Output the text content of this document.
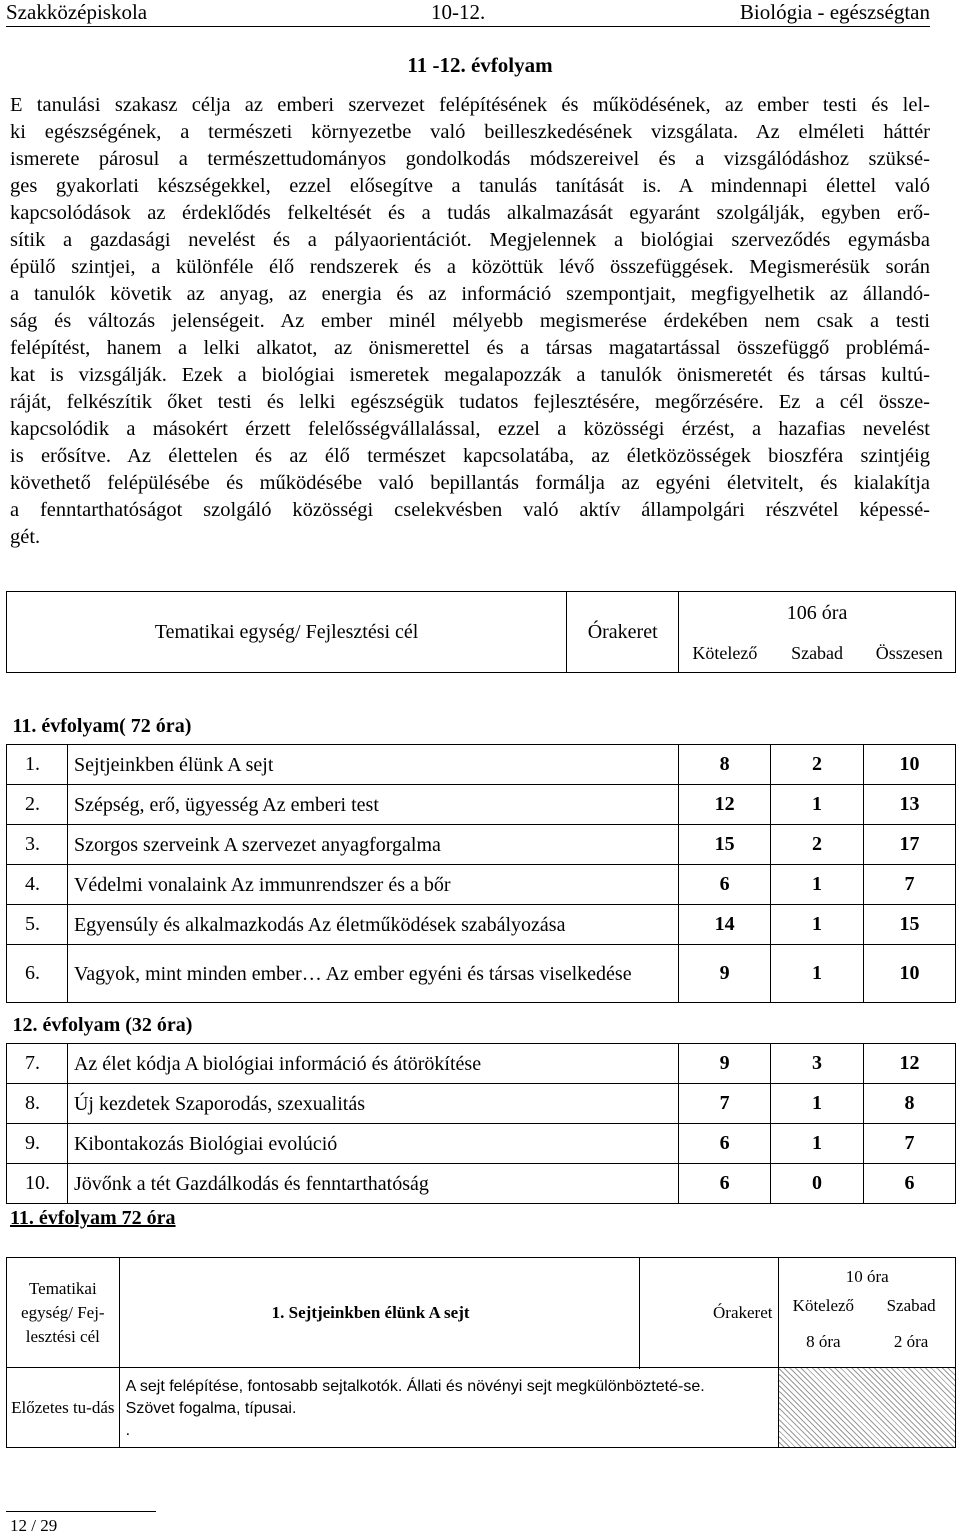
Szakközépiskola	10-12.	Biológia - egészségtan
11 -12. évfolyam
E tanulási szakasz célja az emberi szervezet felépítésének és működésének, az ember testi és lel-
ki egészségének, a természeti környezetbe való beilleszkedésének vizsgálata. Az elméleti háttér
ismerete párosul a természettudományos gondolkodás módszereivel és a vizsgálódáshoz szüksé-
ges gyakorlati készségekkel, ezzel elősegítve a tanulás tanítását is. A mindennapi élettel való
kapcsolódások az érdeklődés felkeltését és a tudás alkalmazását egyaránt szolgálják, egyben erő-
sítik a gazdasági nevelést és a pályaorientációt. Megjelennek a biológiai szerveződés egymásba
épülő szintjei, a különféle élő rendszerek és a közöttük lévő összefüggések. Megismerésük során
a tanulók követik az anyag, az energia és az információ szempontjait, megfigyelhetik az állandó-
ság és változás jelenségeit. Az ember minél mélyebb megismerése érdekében nem csak a testi
felépítést, hanem a lelki alkatot, az önismerettel és a társas magatartással összefüggő problémá-
kat is vizsgálják. Ezek a biológiai ismeretek megalapozzák a tanulók önismeretét és társas kultú-
ráját, felkészítik őket testi és lelki egészségük tudatos fejlesztésére, megőrzésére. Ez a cél össze-
kapcsolódik a másokért érzett felelősségvállalással, ezzel a közösségi érzést, a hazafias nevelést
is erősítve. Az élettelen és az élő természet kapcsolatába, az életközösségek bioszféra szintjéig
követhető felépülésébe és működésébe való bepillantás formálja az egyéni életvitelt, és kialakítja
a fenntarthatóságot szolgáló közösségi cselekvésben való aktív állampolgári részvétel képessé-
gét.
Tematikai egység/ Fejlesztési cél		Órakeret	106 óra		
			Kötelező	Szabad	Összesen
11. évfolyam( 72 óra)					
1.	Sejtjeinkben élünk A sejt		8	2	10
2.	Szépség, erő, ügyesség Az emberi test		12	1	13
3.	Szorgos szerveink A szervezet anyagforgalma		15	2	17
4.	Védelmi vonalaink Az immunrendszer és a bőr		6	1	7
5.	Egyensúly és alkalmazkodás Az életműködések szabályozása		14	1	15
6.	Vagyok, mint minden ember… Az ember egyéni és társas viselkedése		9	1	10
12. évfolyam (32 óra)					
7.	Az élet kódja A biológiai információ és átörökítése		9	3	12
8.	Új kezdetek Szaporodás, szexualitás		7	1	8
9.	Kibontakozás Biológiai evolúció		6	1	7
10.	Jövőnk a tét Gazdálkodás és fenntarthatóság		6	0	6
11. évfolyam 72 óra
Tematikai egység/ Fej-lesztési cél	1. Sejtjeinkben élünk A sejt	Órakeret	10 óra
Kötelező Szabad
8 óra 2 óra

Előzetes tu-dás	A sejt felépítése, fontosabb sejtalkotók. Állati és növényi sejt megkülönbözteté-se. Szövet fogalma, típusai.
.		

12 / 29
